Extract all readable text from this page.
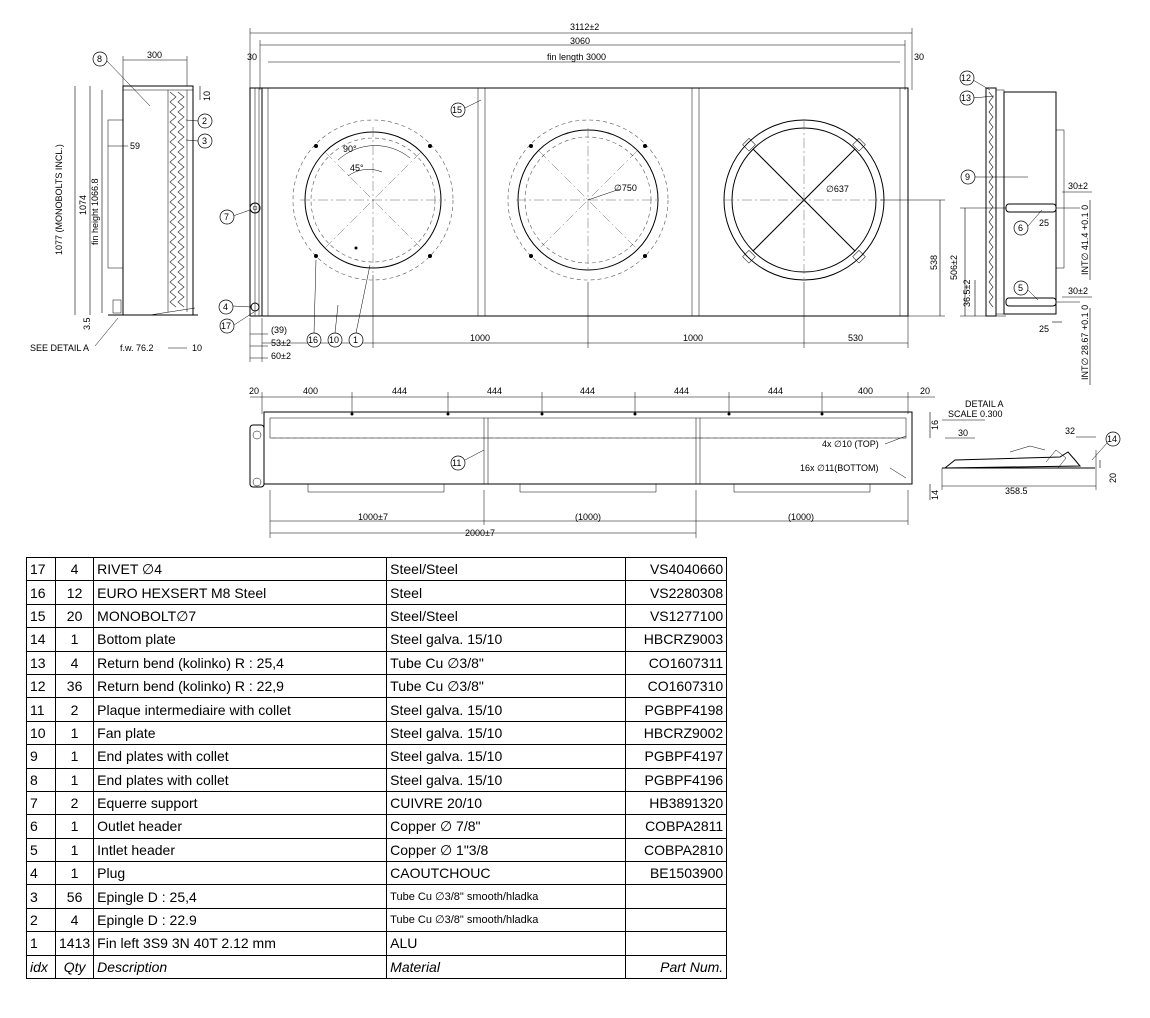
3112±2
3060
fin length 3000
30	30
300
1077 (MONOBOLTS INCL.) 1074 fin height 1066.8
10
59
3.5
f.w. 76.2	10
SEE DETAIL A
90°
45°
∅750	∅637
(39)
53±2
60±2
1000	1000	530
538 506±2
36.5±2
30±2
30±2
25
25
INT∅ 41.4 +0.1 0
INT∅ 28.67 +0.1 0
20	400	444	444	444	444	444	400	20
16
14
4x ∅10 (TOP)
16x ∅11(BOTTOM)
1000±7	(1000)	(1000)
2000±7
DETAIL A
SCALE 0.300
30	32
20
358.5
8
2
3
7
4
17
15
16 10 1
12
13
9
6
5
11
14
17	4	RIVET ∅4	Steel/Steel	VS4040660
16	12	EURO HEXSERT M8 Steel	Steel	VS2280308
15	20	MONOBOLT∅7	Steel/Steel	VS1277100
14	1	Bottom plate	Steel galva. 15/10	HBCRZ9003
13	4	Return bend (kolinko) R : 25,4	Tube Cu ∅3/8"	CO1607311
12	36	Return bend (kolinko) R : 22,9	Tube Cu ∅3/8"	CO1607310
11	2	Plaque intermediaire with collet	Steel galva. 15/10	PGBPF4198
10	1	Fan plate	Steel galva. 15/10	HBCRZ9002
9	1	End plates with collet	Steel galva. 15/10	PGBPF4197
8	1	End plates with collet	Steel galva. 15/10	PGBPF4196
7	2	Equerre support	CUIVRE 20/10	HB3891320
6	1	Outlet header	Copper ∅ 7/8"	COBPA2811
5	1	Intlet header	Copper ∅ 1"3/8	COBPA2810
4	1	Plug	CAOUTCHOUC	BE1503900
3	56	Epingle D : 25,4	Tube Cu ∅3/8" smooth/hladka	
2	4	Epingle D : 22.9	Tube Cu ∅3/8" smooth/hladka	
1	1413	Fin left 3S9 3N 40T 2.12 mm	ALU	
idx	Qty	Description	Material	Part Num.
